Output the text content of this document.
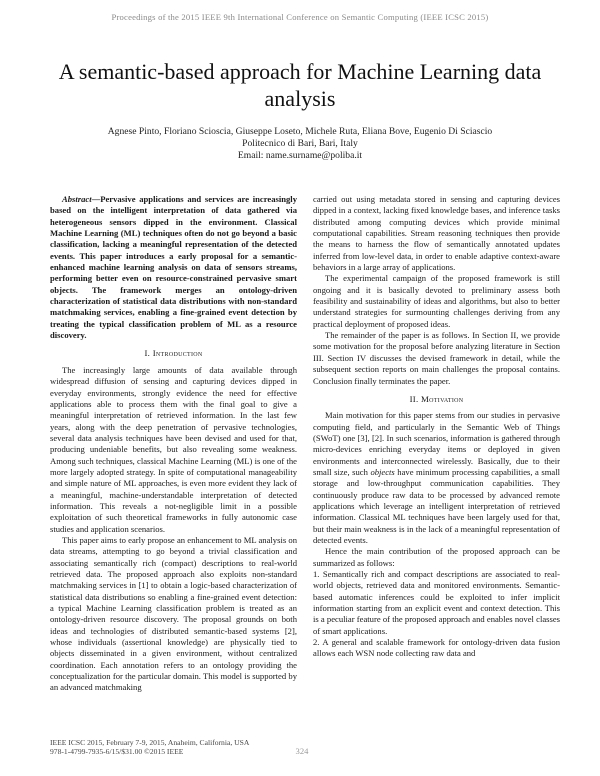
Proceedings of the 2015 IEEE 9th International Conference on Semantic Computing (IEEE ICSC 2015)
A semantic-based approach for Machine Learning data analysis
Agnese Pinto, Floriano Scioscia, Giuseppe Loseto, Michele Ruta, Eliana Bove, Eugenio Di Sciascio
Politecnico di Bari, Bari, Italy
Email: name.surname@poliba.it

Abstract—Pervasive applications and services are increasingly based on the intelligent interpretation of data gathered via heterogeneous sensors dipped in the environment. Classical Machine Learning (ML) techniques often do not go beyond a basic classification, lacking a meaningful representation of the detected events. This paper introduces a early proposal for a semantic-enhanced machine learning analysis on data of sensors streams, performing better even on resource-constrained pervasive smart objects. The framework merges an ontology-driven characterization of statistical data distributions with non-standard matchmaking services, enabling a fine-grained event detection by treating the typical classification problem of ML as a resource discovery.

I. Introduction

The increasingly large amounts of data available through widespread diffusion of sensing and capturing devices dipped in everyday environments, strongly evidence the need for effective applications able to process them with the final goal to give a meaningful interpretation of retrieved information. In the last few years, along with the deep penetration of pervasive technologies, several data analysis techniques have been devised and used for that, producing undeniable benefits, but also revealing some weakness. Among such techniques, classical Machine Learning (ML) is one of the more largely adopted strategy. In spite of computational manageability and simple nature of ML approaches, is even more evident they lack of a meaningful, machine-understandable interpretation of detected information. This reveals a not-negligible limit in a possible exploitation of such theoretical frameworks in fully autonomic case studies and application scenarios.

This paper aims to early propose an enhancement to ML analysis on data streams, attempting to go beyond a trivial classification and associating semantically rich (compact) descriptions to real-world retrieved data. The proposed approach also exploits non-standard matchmaking services in [1] to obtain a logic-based characterization of statistical data distributions so enabling a fine-grained event detection: a typical Machine Learning classification problem is treated as an ontology-driven resource discovery. The proposal grounds on both ideas and technologies of distributed semantic-based systems [2], whose individuals (assertional knowledge) are physically tied to objects disseminated in a given environment, without centralized coordination. Each annotation refers to an ontology providing the conceptualization for the particular domain. This model is supported by an advanced matchmaking

carried out using metadata stored in sensing and capturing devices dipped in a context, lacking fixed knowledge bases, and inference tasks distributed among computing devices which provide minimal computational capabilities. Stream reasoning techniques then provide the means to harness the flow of semantically annotated updates inferred from low-level data, in order to enable adaptive context-aware behaviors in a large array of applications.

The experimental campaign of the proposed framework is still ongoing and it is basically devoted to preliminary assess both feasibility and sustainability of ideas and algorithms, but also to better understand strategies for surmounting challenges deriving from any practical deployment of proposed ideas.

The remainder of the paper is as follows. In Section II, we provide some motivation for the proposal before analyzing literature in Section III. Section IV discusses the devised framework in detail, while the subsequent section reports on main challenges the proposal contains. Conclusion finally terminates the paper.

II. Motivation

Main motivation for this paper stems from our studies in pervasive computing field, and particularly in the Semantic Web of Things (SWoT) one [3], [2]. In such scenarios, information is gathered through micro-devices enriching everyday items or deployed in given environments and interconnected wirelessly. Basically, due to their small size, such objects have minimum processing capabilities, a small storage and low-throughput communication capabilities. They continuously produce raw data to be processed by advanced remote applications which leverage an intelligent interpretation of retrieved information. Classical ML techniques have been largely used for that, but their main weakness is in the lack of a meaningful representation of detected events.

Hence the main contribution of the proposed approach can be summarized as follows:

1. Semantically rich and compact descriptions are associated to real-world objects, retrieved data and monitored environments. Semantic-based automatic inferences could be exploited to infer implicit information starting from an explicit event and context detection. This is a peculiar feature of the proposed approach and enables novel classes of smart applications.

2. A general and scalable framework for ontology-driven data fusion allows each WSN node collecting raw data and

IEEE ICSC 2015, February 7-9, 2015, Anaheim, California, USA
978-1-4799-7935-6/15/$31.00 ©2015 IEEE	324
